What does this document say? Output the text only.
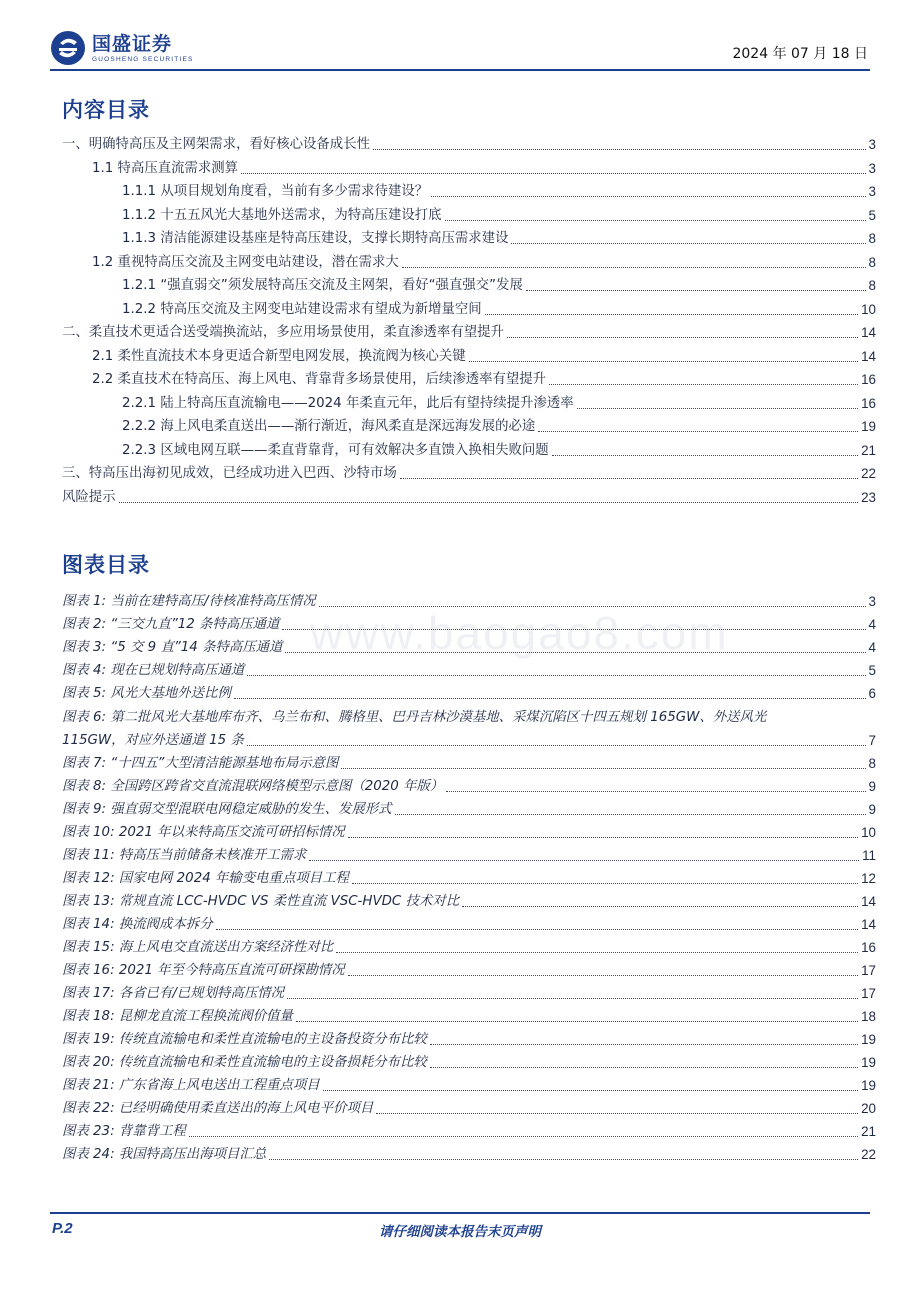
国盛证券
GUOSHENG SECURITIES	2024 年 07 月 18 日
内容目录
一、明确特高压及主网架需求，看好核心设备成长性	3
1.1 特高压直流需求测算	3
1.1.1 从项目规划角度看，当前有多少需求待建设？	3
1.1.2 十五五风光大基地外送需求，为特高压建设打底	5
1.1.3 清洁能源建设基座是特高压建设，支撑长期特高压需求建设	8
1.2 重视特高压交流及主网变电站建设，潜在需求大	8
1.2.1 “强直弱交”须发展特高压交流及主网架，看好“强直强交”发展	8
1.2.2 特高压交流及主网变电站建设需求有望成为新增量空间	10
二、柔直技术更适合送受端换流站，多应用场景使用，柔直渗透率有望提升	14
2.1 柔性直流技术本身更适合新型电网发展，换流阀为核心关键	14
2.2 柔直技术在特高压、海上风电、背靠背多场景使用，后续渗透率有望提升	16
2.2.1 陆上特高压直流输电——2024 年柔直元年，此后有望持续提升渗透率	16
2.2.2 海上风电柔直送出——渐行渐近，海风柔直是深远海发展的必途	19
2.2.3 区域电网互联——柔直背靠背，可有效解决多直馈入换相失败问题	21
三、特高压出海初见成效，已经成功进入巴西、沙特市场	22
风险提示	23
图表目录
www.baogao8.com
图表 1: 当前在建特高压/待核准特高压情况	3
图表 2: “三交九直”12 条特高压通道	4
图表 3: “5 交 9 直”14 条特高压通道	4
图表 4: 现在已规划特高压通道	5
图表 5: 风光大基地外送比例	6
图表 6: 第二批风光大基地库布齐、乌兰布和、腾格里、巴丹吉林沙漠基地、采煤沉陷区十四五规划 165GW、外送风光
115GW，对应外送通道 15 条	7
图表 7: “十四五”大型清洁能源基地布局示意图	8
图表 8: 全国跨区跨省交直流混联网络模型示意图（2020 年版）	9
图表 9: 强直弱交型混联电网稳定威胁的发生、发展形式	9
图表 10: 2021 年以来特高压交流可研招标情况	10
图表 11: 特高压当前储备未核准开工需求	11
图表 12: 国家电网 2024 年输变电重点项目工程	12
图表 13: 常规直流 LCC-HVDC VS 柔性直流 VSC-HVDC 技术对比	14
图表 14: 换流阀成本拆分	14
图表 15: 海上风电交直流送出方案经济性对比	16
图表 16: 2021 年至今特高压直流可研探勘情况	17
图表 17: 各省已有/已规划特高压情况	17
图表 18: 昆柳龙直流工程换流阀价值量	18
图表 19: 传统直流输电和柔性直流输电的主设备投资分布比较	19
图表 20: 传统直流输电和柔性直流输电的主设备损耗分布比较	19
图表 21: 广东省海上风电送出工程重点项目	19
图表 22: 已经明确使用柔直送出的海上风电平价项目	20
图表 23: 背靠背工程	21
图表 24: 我国特高压出海项目汇总	22
P.2	请仔细阅读本报告末页声明
